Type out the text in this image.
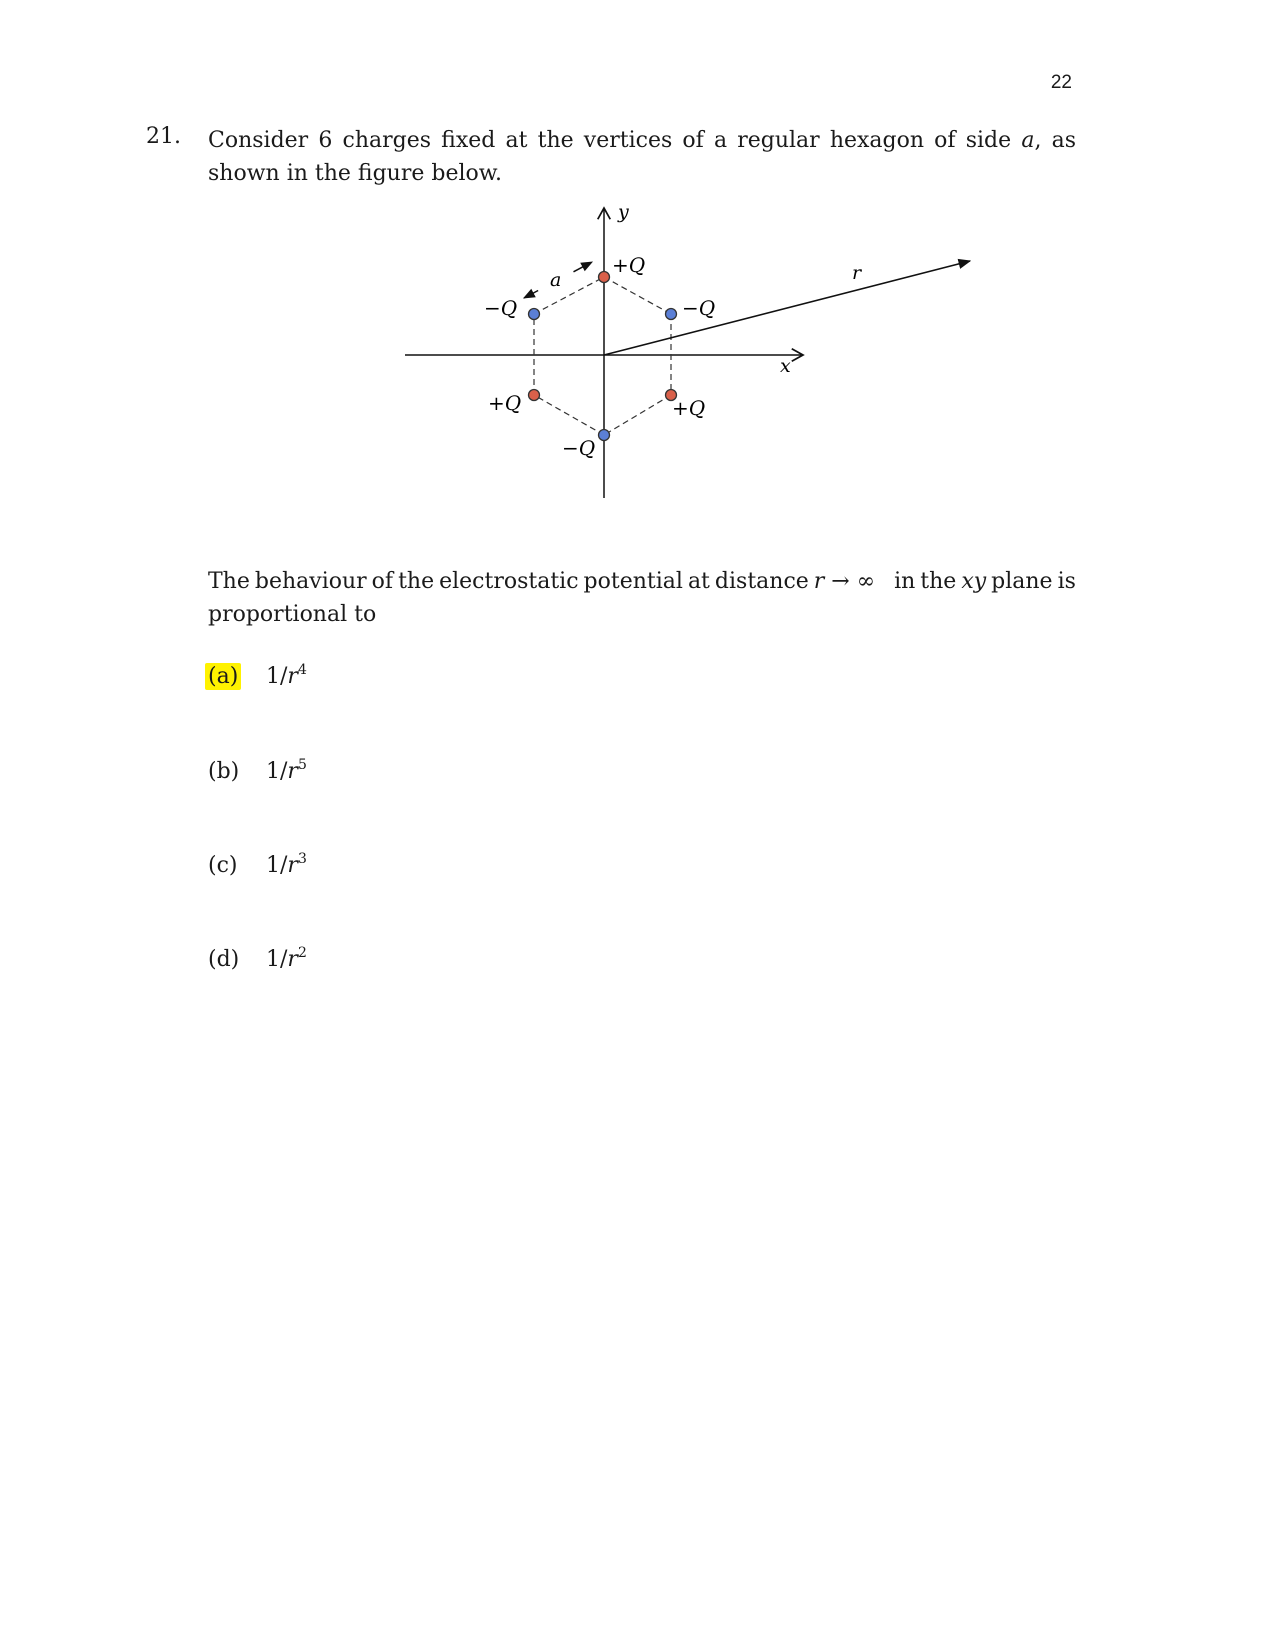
22
21. Consider 6 charges fixed at the vertices of a regular hexagon of side a, as shown in the figure below.
x
y
r
a
+Q
−Q
+Q
−Q
+Q
−Q
The behaviour of the electrostatic potential at distance r → ∞ in the xy plane is
proportional to
(a)	$1/r^4$
(b)	$1/r^5$
(c)	$1/r^3$
(d)	$1/r^2$
